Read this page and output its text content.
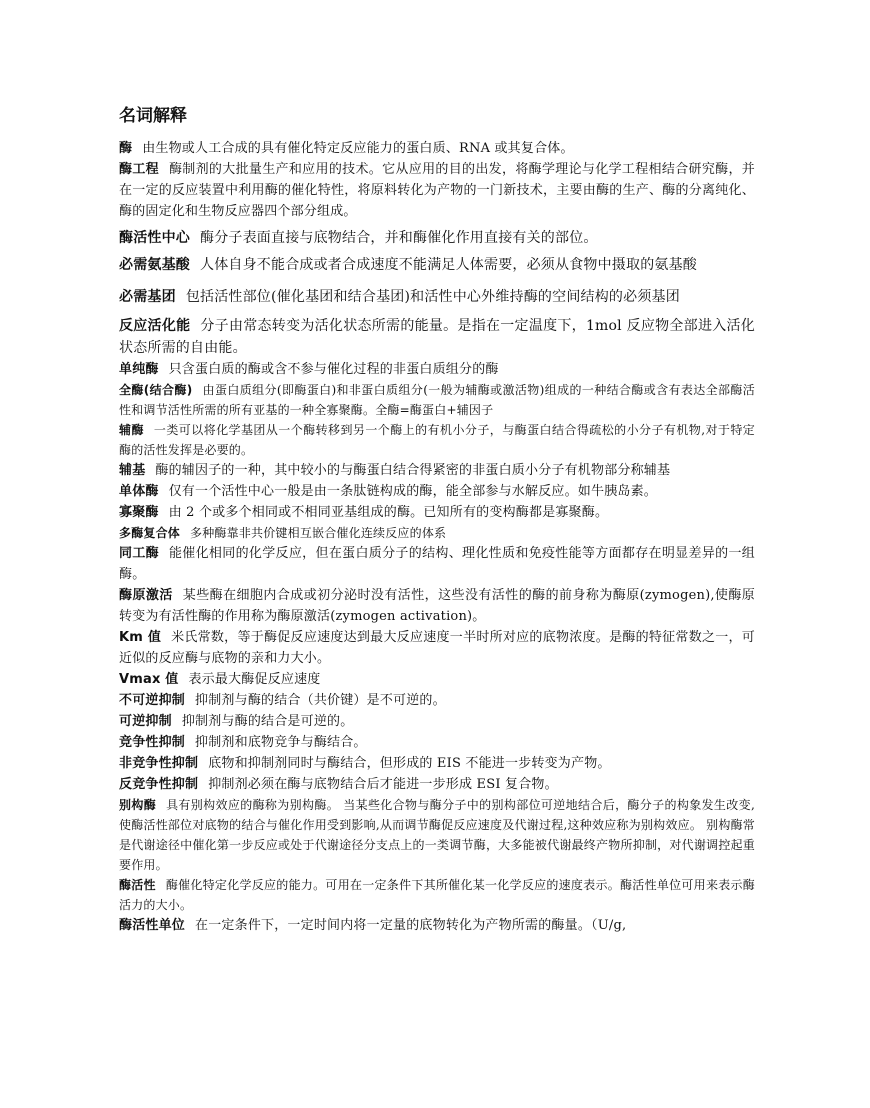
名词解释

酶 由生物或人工合成的具有催化特定反应能力的蛋白质、RNA 或其复合体。

酶工程 酶制剂的大批量生产和应用的技术。它从应用的目的出发，将酶学理论与化学工程相结合研究酶，并在一定的反应装置中利用酶的催化特性，将原料转化为产物的一门新技术，主要由酶的生产、酶的分离纯化、酶的固定化和生物反应器四个部分组成。

酶活性中心 酶分子表面直接与底物结合，并和酶催化作用直接有关的部位。

必需氨基酸 人体自身不能合成或者合成速度不能满足人体需要，必须从食物中摄取的氨基酸

必需基团 包括活性部位(催化基团和结合基团)和活性中心外维持酶的空间结构的必须基团

反应活化能 分子由常态转变为活化状态所需的能量。是指在一定温度下，1mol 反应物全部进入活化状态所需的自由能。

单纯酶 只含蛋白质的酶或含不参与催化过程的非蛋白质组分的酶

全酶(结合酶) 由蛋白质组分(即酶蛋白)和非蛋白质组分(一般为辅酶或激活物)组成的一种结合酶或含有表达全部酶活性和调节活性所需的所有亚基的一种全寡聚酶。全酶=酶蛋白+辅因子

辅酶 一类可以将化学基团从一个酶转移到另一个酶上的有机小分子，与酶蛋白结合得疏松的小分子有机物,对于特定酶的活性发挥是必要的。

辅基 酶的辅因子的一种，其中较小的与酶蛋白结合得紧密的非蛋白质小分子有机物部分称辅基

单体酶 仅有一个活性中心一般是由一条肽链构成的酶，能全部参与水解反应。如牛胰岛素。

寡聚酶 由 2 个或多个相同或不相同亚基组成的酶。已知所有的变构酶都是寡聚酶。

多酶复合体 多种酶靠非共价键相互嵌合催化连续反应的体系

同工酶 能催化相同的化学反应，但在蛋白质分子的结构、理化性质和免疫性能等方面都存在明显差异的一组酶。

酶原激活 某些酶在细胞内合成或初分泌时没有活性，这些没有活性的酶的前身称为酶原(zymogen),使酶原转变为有活性酶的作用称为酶原激活(zymogen activation)。

Km 值 米氏常数，等于酶促反应速度达到最大反应速度一半时所对应的底物浓度。是酶的特征常数之一，可近似的反应酶与底物的亲和力大小。

Vmax 值 表示最大酶促反应速度

不可逆抑制 抑制剂与酶的结合（共价键）是不可逆的。

可逆抑制 抑制剂与酶的结合是可逆的。

竞争性抑制 抑制剂和底物竞争与酶结合。

非竞争性抑制 底物和抑制剂同时与酶结合，但形成的 EIS 不能进一步转变为产物。

反竞争性抑制 抑制剂必须在酶与底物结合后才能进一步形成 ESI 复合物。

别构酶 具有别构效应的酶称为别构酶。 当某些化合物与酶分子中的别构部位可逆地结合后，酶分子的构象发生改变,使酶活性部位对底物的结合与催化作用受到影响,从而调节酶促反应速度及代谢过程,这种效应称为别构效应。 别构酶常是代谢途径中催化第一步反应或处于代谢途径分支点上的一类调节酶，大多能被代谢最终产物所抑制，对代谢调控起重要作用。

酶活性 酶催化特定化学反应的能力。可用在一定条件下其所催化某一化学反应的速度表示。酶活性单位可用来表示酶活力的大小。

酶活性单位 在一定条件下，一定时间内将一定量的底物转化为产物所需的酶量。（U/g,
